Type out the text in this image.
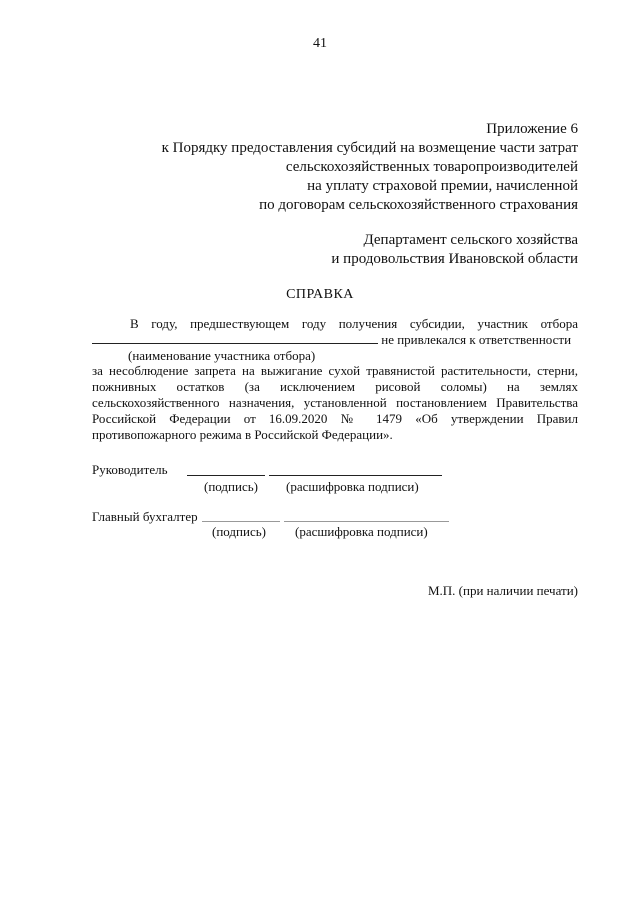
41
Приложение 6
к Порядку предоставления субсидий на возмещение части затрат
сельскохозяйственных товаропроизводителей
на уплату страховой премии, начисленной
по договорам сельскохозяйственного страхования
Департамент сельского хозяйства
и продовольствия Ивановской области
СПРАВКА
В году, предшествующем году получения субсидии, участник отбора
не привлекался к ответственности
(наименование участника отбора)
за несоблюдение запрета на выжигание сухой травянистой растительности, стерни,
пожнивных остатков (за исключением рисовой соломы) на землях
сельскохозяйственного назначения, установленной постановлением Правительства
Российской Федерации от 16.09.2020 № 1479 «Об утверждении Правил
противопожарного режима в Российской Федерации».
Руководитель
(подпись) (расшифровка подписи)
Главный бухгалтер
(подпись) (расшифровка подписи)
М.П. (при наличии печати)
